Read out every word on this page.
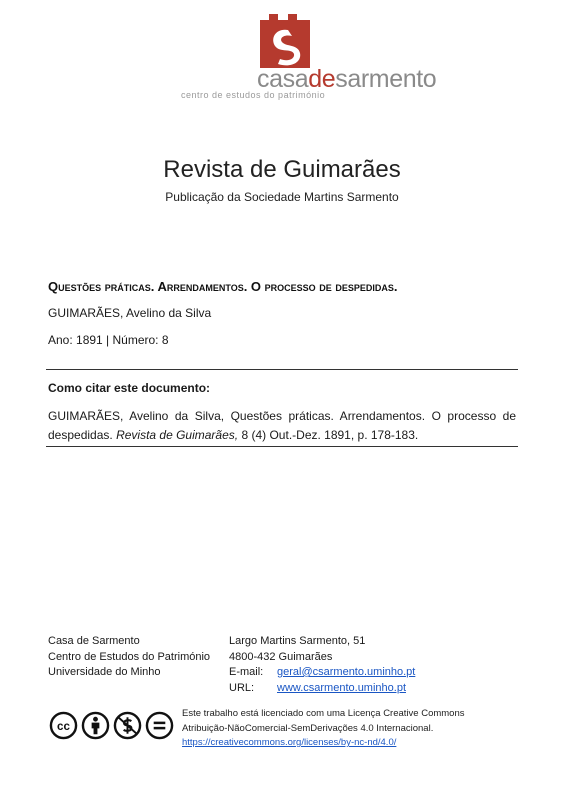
casadesarmento
centro de estudos do património
Revista de Guimarães
Publicação da Sociedade Martins Sarmento
Questões práticas. Arrendamentos. O processo de despedidas.
GUIMARÃES, Avelino da Silva
Ano: 1891 | Número: 8
Como citar este documento:
GUIMARÃES, Avelino da Silva, Questões práticas. Arrendamentos. O processo de despedidas. Revista de Guimarães, 8 (4) Out.-Dez. 1891, p. 178-183.
Casa de Sarmento
Centro de Estudos do Património
Universidade do Minho
Largo Martins Sarmento, 51
4800-432 Guimarães
E-mail:	geral@csarmento.uminho.pt
URL:	www.csarmento.uminho.pt
cc
Este trabalho está licenciado com uma Licença Creative Commons
Atribuição-NãoComercial-SemDerivações 4.0 Internacional.
https://creativecommons.org/licenses/by-nc-nd/4.0/
